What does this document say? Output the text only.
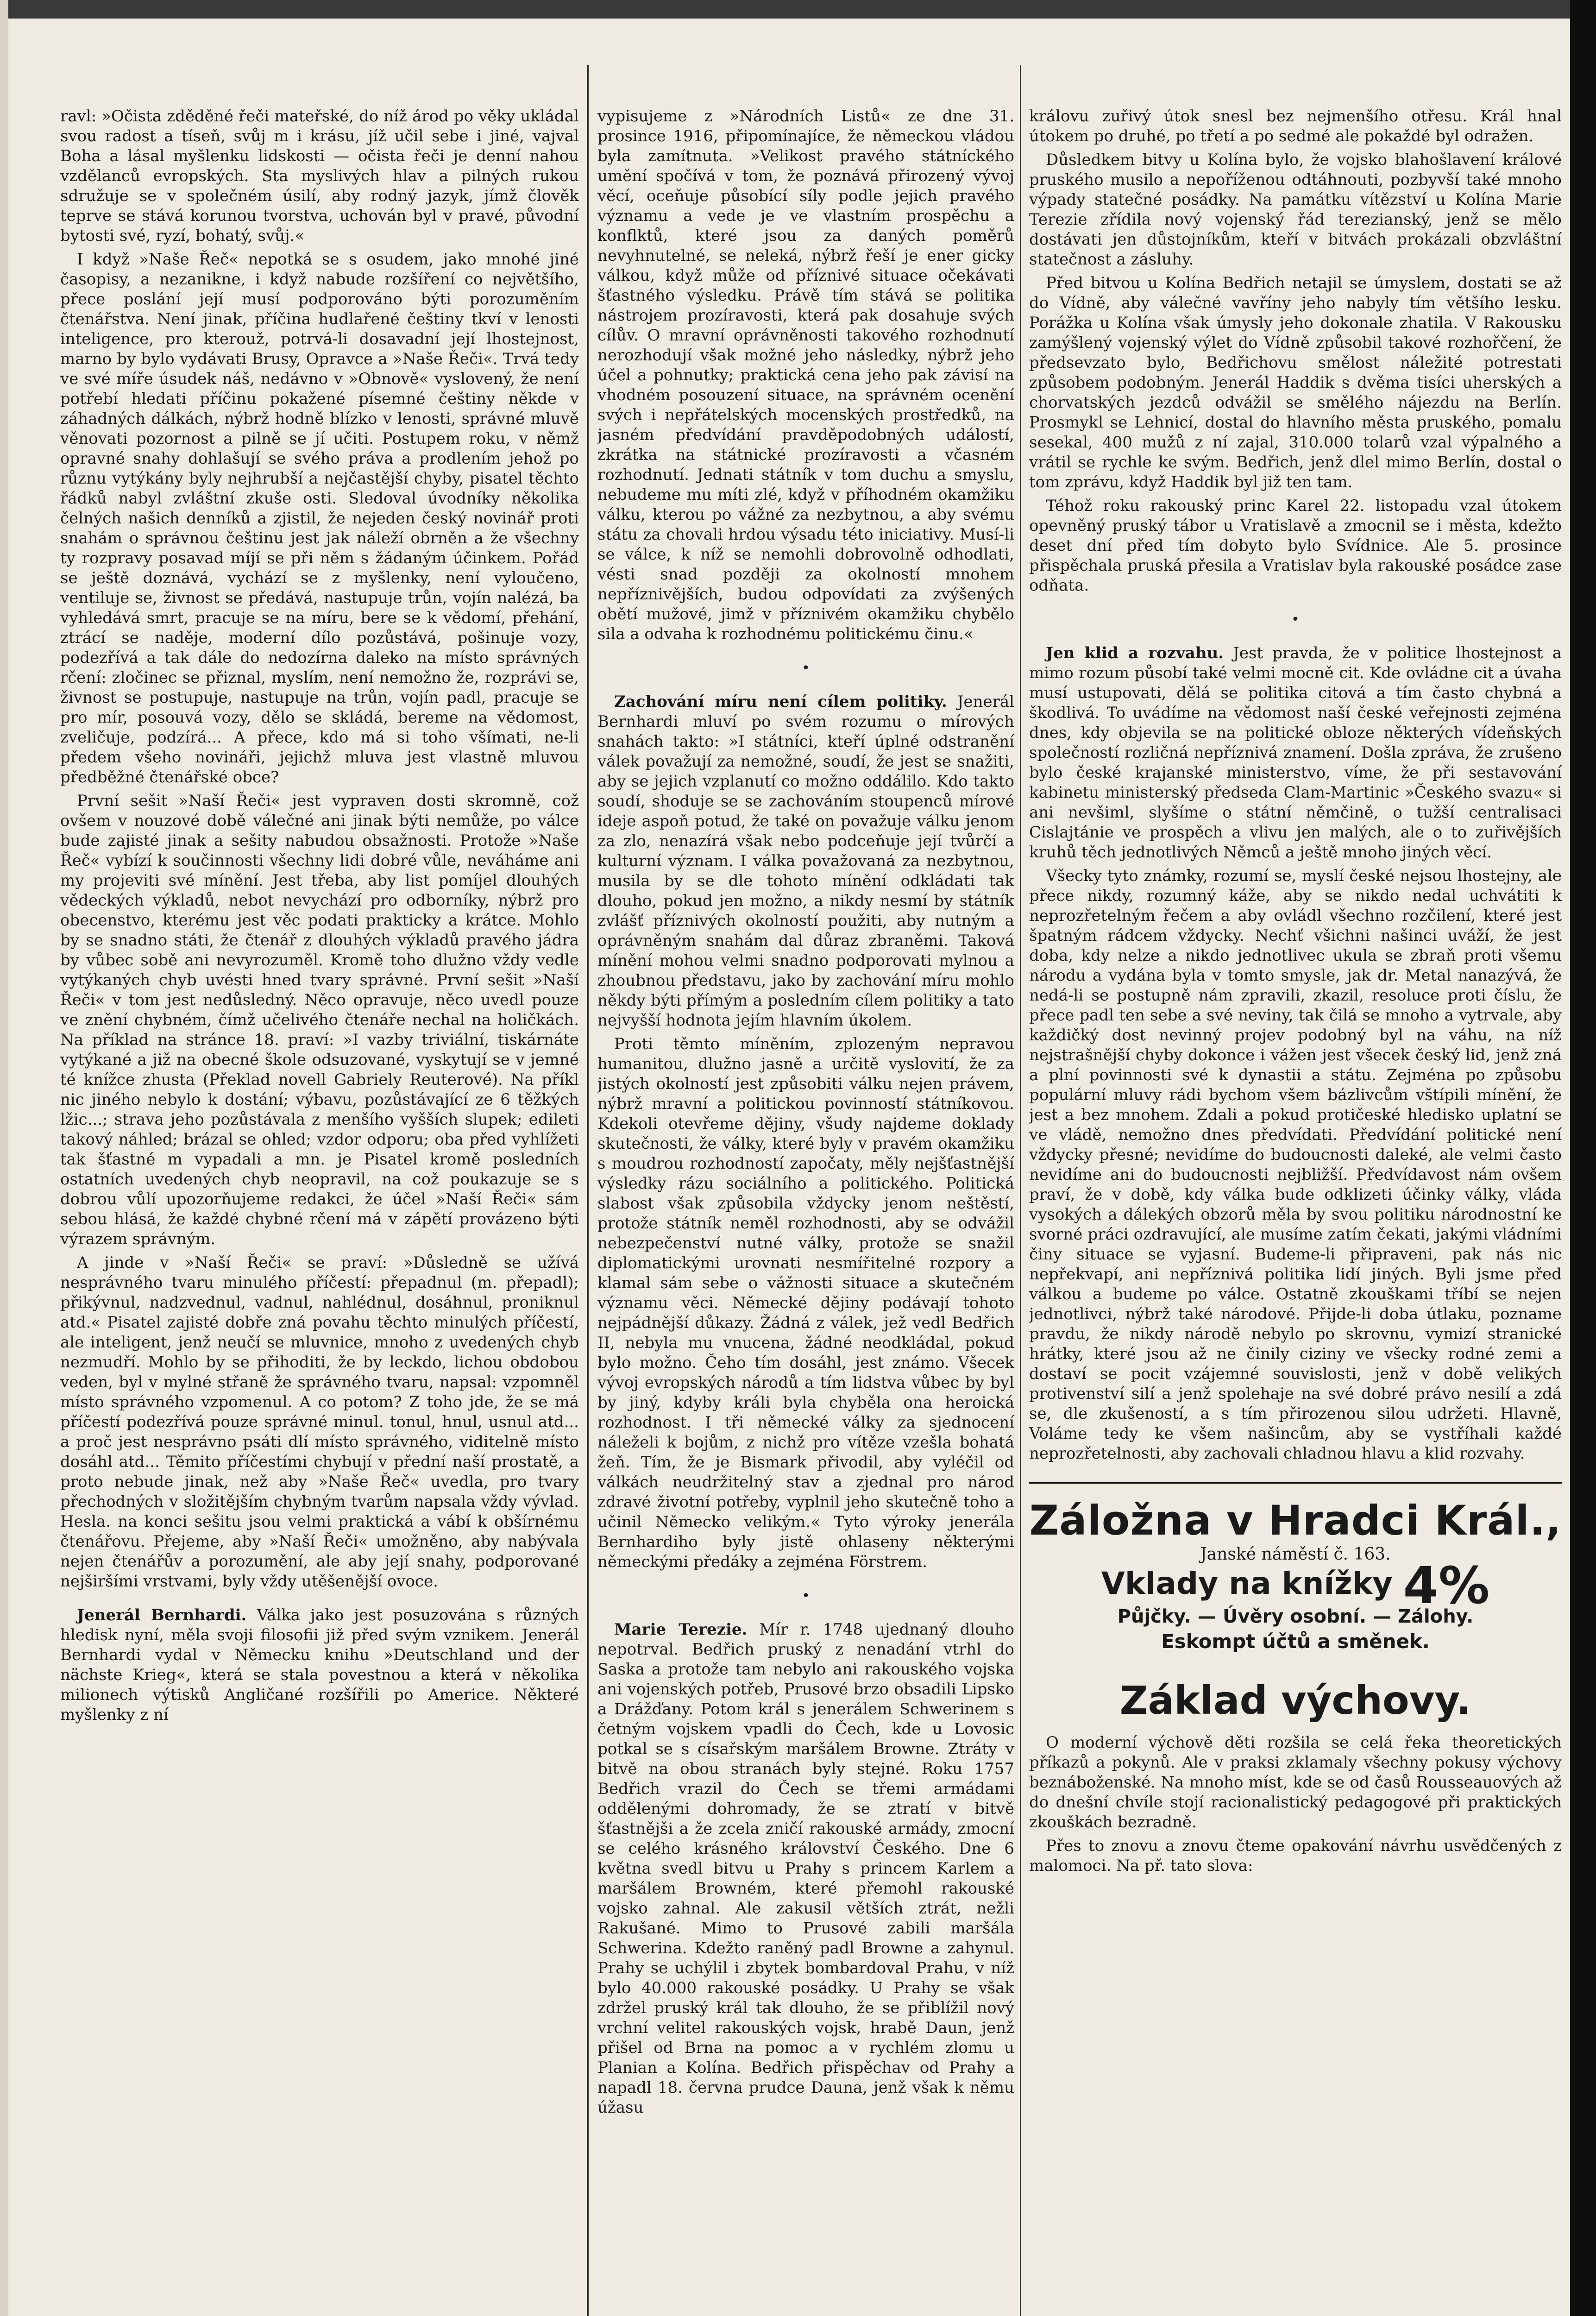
ravl: »Očista zděděné řeči mateřské, do níž árod po věky ukládal svou radost a tíseň, svůj m i krásu, jíž učil sebe i jiné, vajval Boha a lásal myšlenku lidskosti — očista řeči je denní nahou vzdělanců evropských. Sta myslivých hlav a pilných rukou sdružuje se v společném úsilí, aby rodný jazyk, jímž člověk teprve se stává korunou tvorstva, uchován byl v pravé, původní bytosti své, ryzí, bohatý, svůj.«

I když »Naše Řeč« nepotká se s osudem, jako mnohé jiné časopisy, a nezanikne, i když nabude rozšíření co největšího, přece poslání její musí podporováno býti porozuměním čtenářstva. Není jinak, příčina hudlařené češtiny tkví v lenosti inteligence, pro kterouž, potrvá-li dosavadní její lhostejnost, marno by bylo vydávati Brusy, Opravce a »Naše Řeči«. Trvá tedy ve své míře úsudek náš, nedávno v »Obnově« vyslovený, že není potřebí hledati příčinu pokažené písemné češtiny někde v záhadných dálkách, nýbrž hodně blízko v lenosti, správné mluvě věnovati pozornost a pilně se jí učiti. Postupem roku, v němž opravné snahy dohlašují se svého práva a prodlením jehož po různu vytýkány byly nejhrubší a nejčastější chyby, pisatel těchto řádků nabyl zvláštní zkuše osti. Sledoval úvodníky několika čelných našich denníků a zjistil, že nejeden český novinář proti snahám o správnou češtinu jest jak náleží obrněn a že všechny ty rozpravy posavad míjí se při něm s žádaným účinkem. Pořád se ještě doznává, vychází se z myšlenky, není vyloučeno, ventiluje se, živnost se předává, nastupuje trůn, vojín nalézá, ba vyhledává smrt, pracuje se na míru, bere se k vědomí, přehání, ztrácí se naděje, moderní dílo pozůstává, pošinuje vozy, podezřívá a tak dále do nedozírna daleko na místo správných rčení: zločinec se přiznal, myslím, není nemožno že, rozprávi se, živnost se postupuje, nastupuje na trůn, vojín padl, pracuje se pro mír, posouvá vozy, dělo se skládá, bereme na vědomost, zveličuje, podzírá... A přece, kdo má si toho všímati, ne-li předem všeho novináři, jejichž mluva jest vlastně mluvou předběžné čtenářské obce?

První sešit »Naší Řeči« jest vypraven dosti skromně, což ovšem v nouzové době válečné ani jinak býti nemůže, po válce bude zajisté jinak a sešity nabudou obsažnosti. Protože »Naše Řeč« vybízí k součinnosti všechny lidi dobré vůle, neváháme ani my projeviti své mínění. Jest třeba, aby list pomíjel dlouhých vědeckých výkladů, nebot nevychází pro odborníky, nýbrž pro obecenstvo, kterému jest věc podati prakticky a krátce. Mohlo by se snadno státi, že čtenář z dlouhých výkladů pravého jádra by vůbec sobě ani nevyrozuměl. Kromě toho dlužno vždy vedle vytýkaných chyb uvésti hned tvary správné. První sešit »Naší Řeči« v tom jest nedůsledný. Něco opravuje, něco uvedl pouze ve znění chybném, čímž učelivého čtenáře nechal na holičkách. Na příklad na stránce 18. praví: »I vazby triviální, tiskárnáte vytýkané a již na obecné škole odsuzované, vyskytují se v jemné té knížce zhusta (Překlad novell Gabriely Reuterové). Na příkl nic jiného nebylo k dostání; výbavu, pozůstávající ze 6 těžkých lžic...; strava jeho pozůstávala z menšího vyšších slupek; edileti takový náhled; brázal se ohled; vzdor odporu; oba před vyhlížeti tak šťastné m vypadali a mn. je Pisatel kromě posledních ostatních uvedených chyb neopravil, na což poukazuje se s dobrou vůlí upozorňujeme redakci, že účel »Naší Řeči« sám sebou hlásá, že každé chybné rčení má v zápětí provázeno býti výrazem správným.

A jinde v »Naší Řeči« se praví: »Důsledně se užívá nesprávného tvaru minulého příčestí: přepadnul (m. přepadl); přikývnul, nadzvednul, vadnul, nahlédnul, dosáhnul, proniknul atd.« Pisatel zajisté dobře zná povahu těchto minulých příčestí, ale inteligent, jenž neučí se mluvnice, mnoho z uvedených chyb nezmudří. Mohlo by se přihoditi, že by leckdo, lichou obdobou veden, byl v mylné střaně že správného tvaru, napsal: vzpomněl místo správného vzpomenul. A co potom? Z toho jde, že se má příčestí podezřívá pouze správné minul. tonul, hnul, usnul atd... a proč jest nesprávno psáti dlí místo správného, viditelně místo dosáhl atd... Těmito příčestími chybují v přední naší prostatě, a proto nebude jinak, než aby »Naše Řeč« uvedla, pro tvary přechodných v složitějším chybným tvarům napsala vždy vývlad. Hesla. na konci sešitu jsou velmi praktická a vábí k obšírnému čtenářovu. Přejeme, aby »Naší Řeči« umožněno, aby nabývala nejen čtenářův a porozumění, ale aby její snahy, podporované nejširšími vrstvami, byly vždy utěšenější ovoce.

Jenerál Bernhardi. Válka jako jest posuzována s různých hledisk nyní, měla svoji filosofii již před svým vznikem. Jenerál Bernhardi vydal v Německu knihu »Deutschland und der nächste Krieg«, která se stala povestnou a která v několika milionech výtisků Angličané rozšířili po Americe. Některé myšlenky z ní

vypisujeme z »Národních Listů« ze dne 31. prosince 1916, připomínajíce, že německou vládou byla zamítnuta. »Velikost pravého státníckého umění spočívá v tom, že poznává přirozený vývoj věcí, oceňuje působící síly podle jejich pravého významu a vede je ve vlastním prospěchu a konflktů, které jsou za daných poměrů nevyhnutelné, se neleká, nýbrž řeší je ener gicky válkou, když může od příznivé situace očekávati šťastného výsledku. Právě tím stává se politika nástrojem prozíravosti, která pak dosahuje svých cílův. O mravní oprávněnosti takového rozhodnutí nerozhodují však možné jeho následky, nýbrž jeho účel a pohnutky; praktická cena jeho pak závisí na vhodném posouzení situace, na správném ocenění svých i nepřátelských mocenských prostředků, na jasném předvídání pravděpodobných událostí, zkrátka na státnické prozíravosti a včasném rozhodnutí. Jednati státník v tom duchu a smyslu, nebudeme mu míti zlé, když v příhodném okamžiku válku, kterou po vážné za nezbytnou, a aby svému státu za chovali hrdou výsadu této iniciativy. Musí-li se válce, k níž se nemohli dobrovolně odhodlati, vésti snad později za okolností mnohem nepříznivějších, budou odpovídati za zvýšených obětí mužové, jimž v příznivém okamžiku chybělo sila a odvaha k rozhodnému politickému činu.«

•

Zachování míru není cílem politiky. Jenerál Bernhardi mluví po svém rozumu o mírových snahách takto: »I státníci, kteří úplné odstranění válek považují za nemožné, soudí, že jest se snažiti, aby se jejich vzplanutí co možno oddálilo. Kdo takto soudí, shoduje se se zachováním stoupenců mírové ideje aspoň potud, že také on považuje válku jenom za zlo, nenazírá však nebo podceňuje její tvůrčí a kulturní význam. I válka považovaná za nezbytnou, musila by se dle tohoto mínění odkládati tak dlouho, pokud jen možno, a nikdy nesmí by státník zvlášť příznivých okolností použiti, aby nutným a oprávněným snahám dal důraz zbraněmi. Taková mínění mohou velmi snadno podporovati mylnou a zhoubnou představu, jako by zachování míru mohlo někdy býti přímým a posledním cílem politiky a tato nejvyšší hodnota jejím hlavním úkolem.

Proti těmto míněním, zplozeným nepravou humanitou, dlužno jasně a určitě vyslovití, že za jistých okolností jest způsobiti válku nejen právem, nýbrž mravní a politickou povinností státníkovou. Kdekoli otevřeme dějiny, všudy najdeme doklady skutečnosti, že války, které byly v pravém okamžiku s moudrou rozhodností započaty, měly nejšťastnější výsledky rázu sociálního a politického. Politická slabost však způsobila vždycky jenom neštěstí, protože státník neměl rozhodnosti, aby se odvážil nebezpečenství nutné války, protože se snažil diplomatickými urovnati nesmířitelné rozpory a klamal sám sebe o vážnosti situace a skutečném významu věci. Německé dějiny podávají tohoto nejpádnější důkazy. Žádná z válek, jež vedl Bedřich II, nebyla mu vnucena, žádné neodkládal, pokud bylo možno. Čeho tím dosáhl, jest známo. Všecek vývoj evropských národů a tím lidstva vůbec by byl by jiný, kdyby králi byla chyběla ona heroická rozhodnost. I tři německé války za sjednocení náleželi k bojům, z nichž pro vítěze vzešla bohatá žeň. Tím, že je Bismark přivodil, aby vyléčil od válkách neudržitelný stav a zjednal pro národ zdravé životní potřeby, vyplnil jeho skutečně toho a učinil Německo velikým.« Tyto výroky jenerála Bernhardiho byly jistě ohlaseny některými německými předáky a zejména Förstrem.

•

Marie Terezie. Mír r. 1748 ujednaný dlouho nepotrval. Bedřich pruský z nenadání vtrhl do Saska a protože tam nebylo ani rakouského vojska ani vojenských potřeb, Prusové brzo obsadili Lipsko a Drážďany. Potom král s jenerálem Schwerinem s četným vojskem vpadli do Čech, kde u Lovosic potkal se s císařským maršálem Browne. Ztráty v bitvě na obou stranách byly stejné. Roku 1757 Bedřich vrazil do Čech se třemi armádami oddělenými dohromady, že se ztratí v bitvě šťastnějši a že zcela zničí rakouské armády, zmocní se celého krásného království Českého. Dne 6 května svedl bitvu u Prahy s princem Karlem a maršálem Browném, které přemohl rakouské vojsko zahnal. Ale zakusil větších ztrát, nežli Rakušané. Mimo to Prusové zabili maršála Schwerina. Kdežto raněný padl Browne a zahynul. Prahy se uchýlil i zbytek bombardoval Prahu, v níž bylo 40.000 rakouské posádky. U Prahy se však zdržel pruský král tak dlouho, že se přiblížil nový vrchní velitel rakouských vojsk, hrabě Daun, jenž přišel od Brna na pomoc a v rychlém zlomu u Planian a Kolína. Bedřich přispěchav od Prahy a napadl 18. června prudce Dauna, jenž však k němu úžasu

královu zuřivý útok snesl bez nejmenšího otřesu. Král hnal útokem po druhé, po třetí a po sedmé ale pokaždé byl odražen.

Důsledkem bitvy u Kolína bylo, že vojsko blahošlavení králové pruského musilo a nepoříženou odtáhnouti, pozbyvší také mnoho výpady statečné posádky. Na památku vítězství u Kolína Marie Terezie zřídila nový vojenský řád terezianský, jenž se mělo dostávati jen důstojníkům, kteří v bitvách prokázali obzvláštní statečnost a zásluhy.

Před bitvou u Kolína Bedřich netajil se úmyslem, dostati se až do Vídně, aby válečné vavříny jeho nabyly tím většího lesku. Porážka u Kolína však úmysly jeho dokonale zhatila. V Rakousku zamýšlený vojenský výlet do Vídně způsobil takové rozhořčení, že předsevzato bylo, Bedřichovu smělost náležité potrestati způsobem podobným. Jenerál Haddik s dvěma tisíci uherských a chorvatských jezdců odvážil se smělého nájezdu na Berlín. Prosmykl se Lehnicí, dostal do hlavního města pruského, pomalu sesekal, 400 mužů z ní zajal, 310.000 tolarů vzal výpalného a vrátil se rychle ke svým. Bedřich, jenž dlel mimo Berlín, dostal o tom zprávu, když Haddik byl již ten tam.

Téhož roku rakouský princ Karel 22. listopadu vzal útokem opevněný pruský tábor u Vratislavě a zmocnil se i města, kdežto deset dní před tím dobyto bylo Svídnice. Ale 5. prosince přispěchala pruská přesila a Vratislav byla rakouské posádce zase odňata.

•

Jen klid a rozvahu. Jest pravda, že v politice lhostejnost a mimo rozum působí také velmi mocně cit. Kde ovládne cit a úvaha musí ustupovati, dělá se politika citová a tím často chybná a škodlivá. To uvádíme na vědomost naší české veřejnosti zejména dnes, kdy objevila se na politické obloze některých vídeňských společností rozličná nepříznivá znamení. Došla zpráva, že zrušeno bylo české krajanské ministerstvo, víme, že při sestavování kabinetu ministerský předseda Clam-Martinic »Českého svazu« si ani nevšiml, slyšíme o státní němčině, o tužší centralisaci Cislajtánie ve prospěch a vlivu jen malých, ale o to zuřivějších kruhů těch jednotlivých Němců a ještě mnoho jiných věcí.

Všecky tyto známky, rozumí se, myslí české nejsou lhostejny, ale přece nikdy, rozumný káže, aby se nikdo nedal uchvátiti k neprozřetelným řečem a aby ovládl všechno rozčilení, které jest špatným rádcem vždycky. Nechť všichni našinci uváží, že jest doba, kdy nelze a nikdo jednotlivec ukula se zbraň proti všemu národu a vydána byla v tomto smysle, jak dr. Metal nanazývá, že nedá-li se postupně nám zpravili, zkazil, resoluce proti číslu, že přece padl ten sebe a své neviny, tak čilá se mnoho a vytrvale, aby každičký dost nevinný projev podobný byl na váhu, na níž nejstrašnější chyby dokonce i vážen jest všecek český lid, jenž zná a plní povinnosti své k dynastii a státu. Zejména po způsobu populární mluvy rádi bychom všem bázlivcům vštípili mínění, že jest a bez mnohem. Zdali a pokud protičeské hledisko uplatní se ve vládě, nemožno dnes předvídati. Předvídání politické není vždycky přesné; nevidíme do budoucnosti daleké, ale velmi často nevidíme ani do budoucnosti nejbližší. Předvídavost nám ovšem praví, že v době, kdy válka bude odklizeti účinky války, vláda vysokých a dálekých obzorů měla by svou politiku národnostní ke svorné práci ozdravující, ale musíme zatím čekati, jakými vládními činy situace se vyjasní. Budeme-li připraveni, pak nás nic nepřekvapí, ani nepříznivá politika lidí jiných. Byli jsme před válkou a budeme po válce. Ostatně zkouškami tříbí se nejen jednotlivci, nýbrž také národové. Přijde-li doba útlaku, pozname pravdu, že nikdy národě nebylo po skrovnu, vymizí stranické hrátky, které jsou až ne činily ciziny ve všecky rodné zemi a dostaví se pocit vzájemné souvislosti, jenž v době velikých protivenství silí a jenž spolehaje na své dobré právo nesilí a zdá se, dle zkušeností, a s tím přirozenou silou udržeti. Hlavně, Voláme tedy ke všem našincům, aby se vystříhali každé neprozřetelnosti, aby zachovali chladnou hlavu a klid rozvahy.

Záložna v Hradci Král.,
Janské náměstí č. 163.
Vklady na knížky 4%
Půjčky. — Úvěry osobní. — Zálohy.
Eskompt účtů a směnek.
Základ výchovy.

O moderní výchově děti rozšila se celá řeka theoretických příkazů a pokynů. Ale v praksi zklamaly všechny pokusy výchovy beznáboženské. Na mnoho míst, kde se od časů Rousseauových až do dnešní chvíle stojí racionalistický pedagogové při praktických zkouškách bezradně.

Přes to znovu a znovu čteme opakování návrhu usvědčených z malomoci. Na př. tato slova:
